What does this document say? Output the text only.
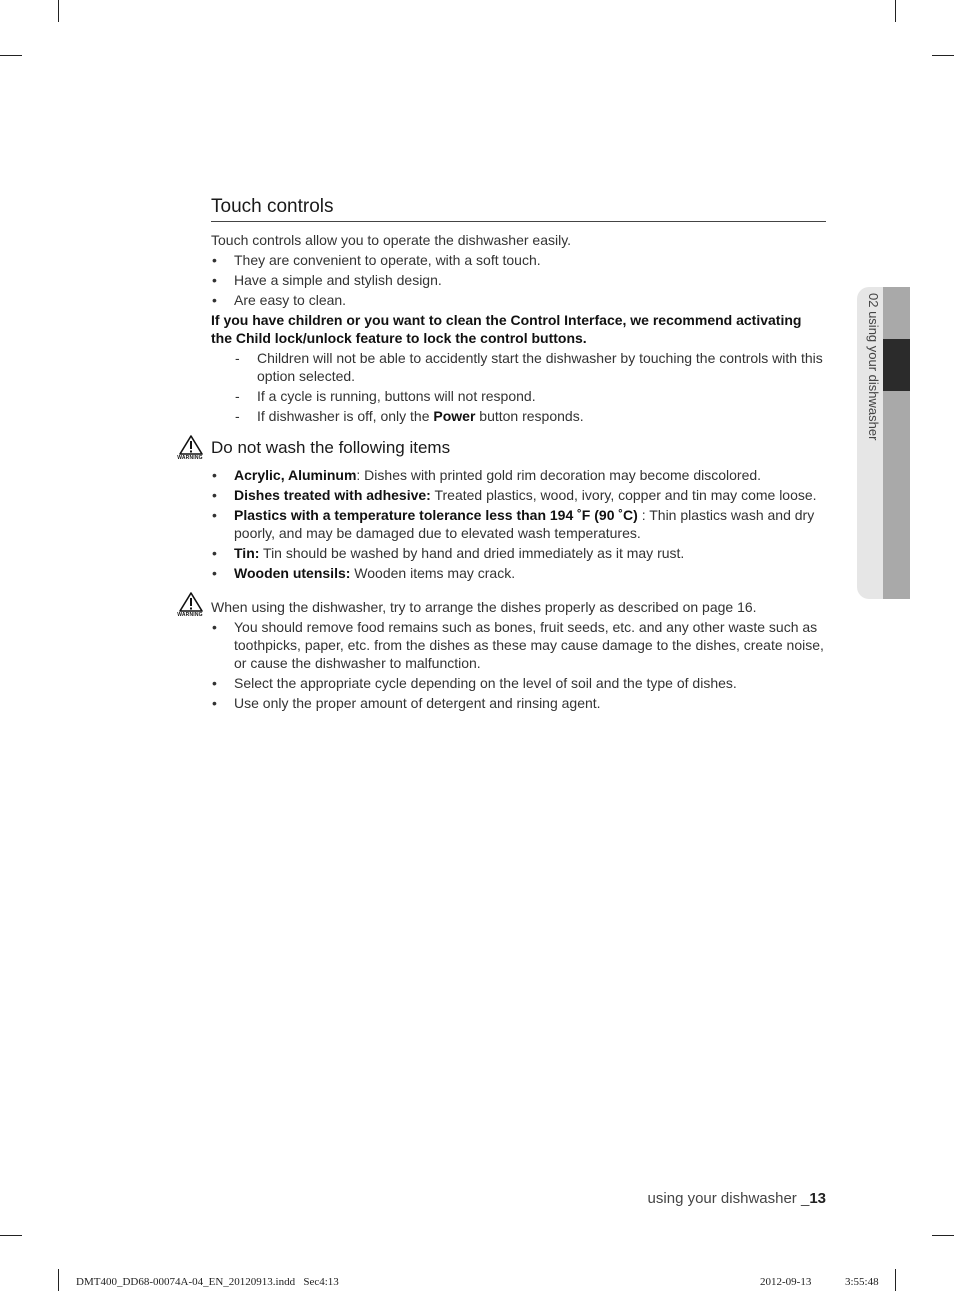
02 using your dishwasher
Touch controls

Touch controls allow you to operate the dishwasher easily.

• They are convenient to operate, with a soft touch.
• Have a simple and stylish design.
• Are easy to clean.

If you have children or you want to clean the Control Interface, we recommend activating the Child lock/unlock feature to lock the control buttons.

- Children will not be able to accidently start the dishwasher by touching the controls with this option selected.
- If a cycle is running, buttons will not respond.
- If dishwasher is off, only the Power button responds.
WARNING
Do not wash the following items
• Acrylic, Aluminum: Dishes with printed gold rim decoration may become discolored.
• Dishes treated with adhesive: Treated plastics, wood, ivory, copper and tin may come loose.
• Plastics with a temperature tolerance less than 194 ˚F (90 ˚C) : Thin plastics wash and dry poorly, and may be damaged due to elevated wash temperatures.
• Tin: Tin should be washed by hand and dried immediately as it may rust.
• Wooden utensils: Wooden items may crack.
WARNING When using the dishwasher, try to arrange the dishes properly as described on page 16.

• You should remove food remains such as bones, fruit seeds, etc. and any other waste such as toothpicks, paper, etc. from the dishes as these may cause damage to the dishes, create noise, or cause the dishwasher to malfunction.
• Select the appropriate cycle depending on the level of soil and the type of dishes.
• Use only the proper amount of detergent and rinsing agent.
using your dishwasher _13
DMT400_DD68-00074A-04_EN_20120913.indd   Sec4:13	2012-09-13	3:55:48
